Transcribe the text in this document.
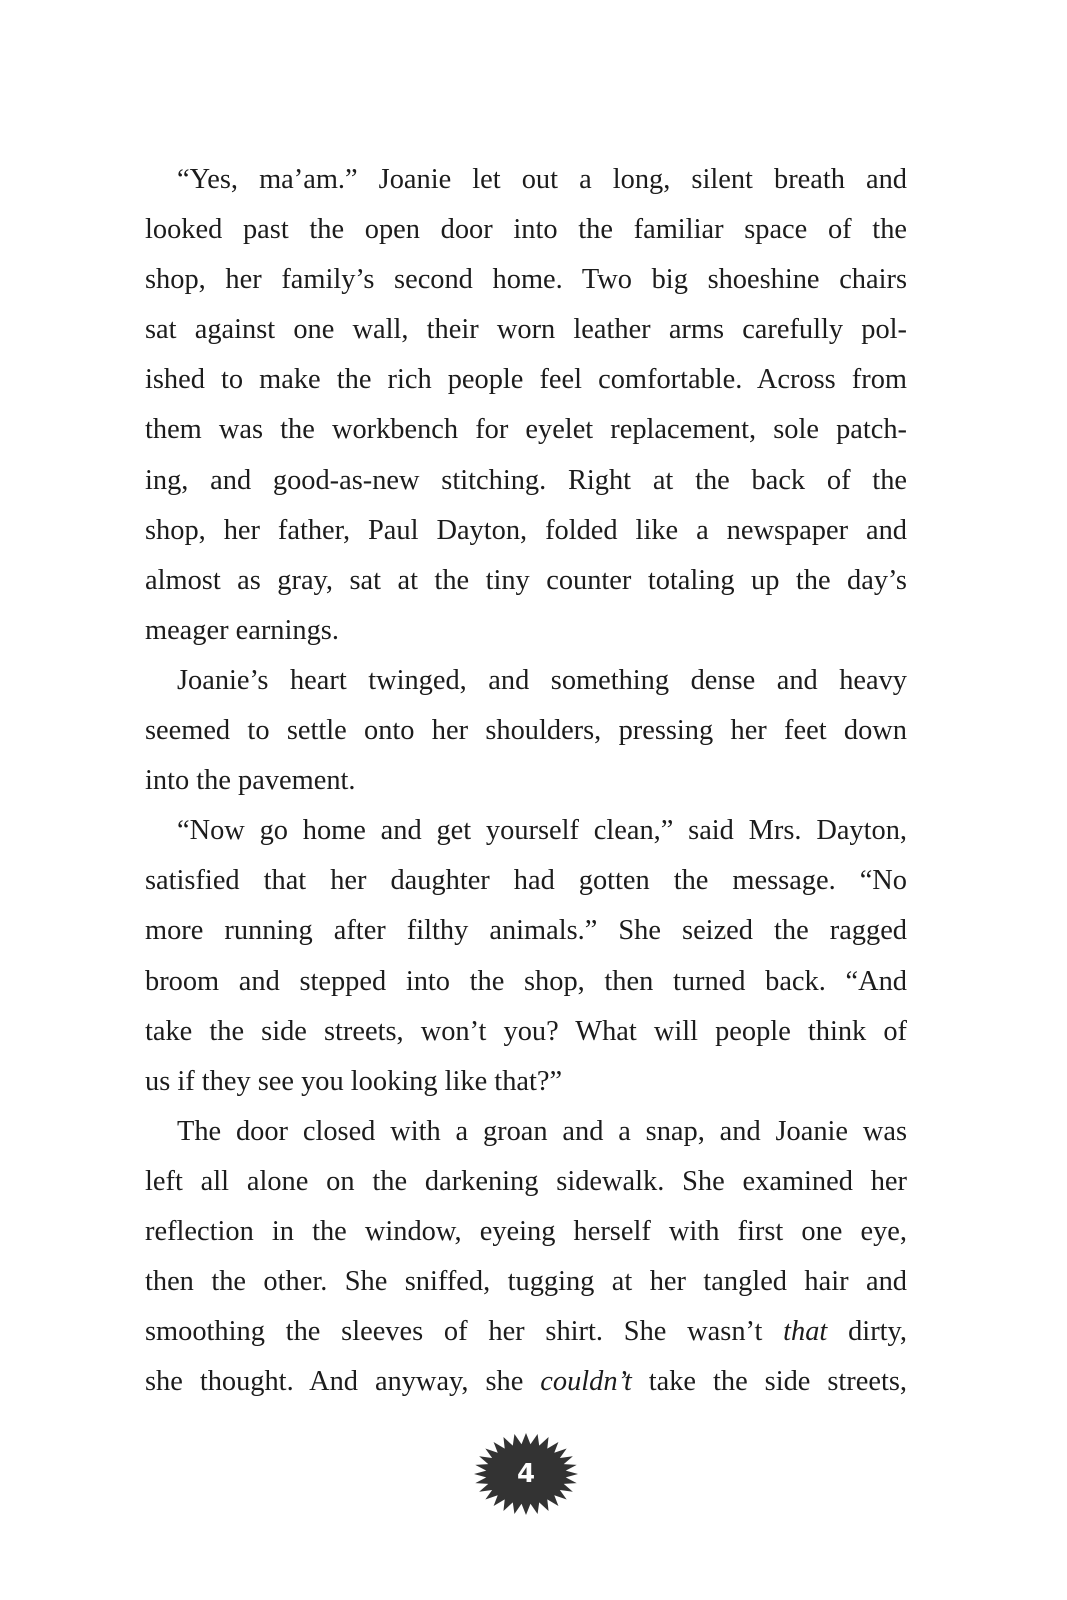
“Yes, ma’am.” Joanie let out a long, silent breath and
looked past the open door into the familiar space of the
shop, her family’s second home. Two big shoeshine chairs
sat against one wall, their worn leather arms carefully pol-
ished to make the rich people feel comfortable. Across from
them was the workbench for eyelet replacement, sole patch-
ing, and good-as-new stitching. Right at the back of the
shop, her father, Paul Dayton, folded like a newspaper and
almost as gray, sat at the tiny counter totaling up the day’s
meager earnings.
Joanie’s heart twinged, and something dense and heavy
seemed to settle onto her shoulders, pressing her feet down
into the pavement.
“Now go home and get yourself clean,” said Mrs. Dayton,
satisfied that her daughter had gotten the message. “No
more running after filthy animals.” She seized the ragged
broom and stepped into the shop, then turned back. “And
take the side streets, won’t you? What will people think of
us if they see you looking like that?”
The door closed with a groan and a snap, and Joanie was
left all alone on the darkening sidewalk. She examined her
reflection in the window, eyeing herself with first one eye,
then the other. She sniffed, tugging at her tangled hair and
smoothing the sleeves of her shirt. She wasn’t that dirty,
she thought. And anyway, she couldn’t take the side streets,
4
